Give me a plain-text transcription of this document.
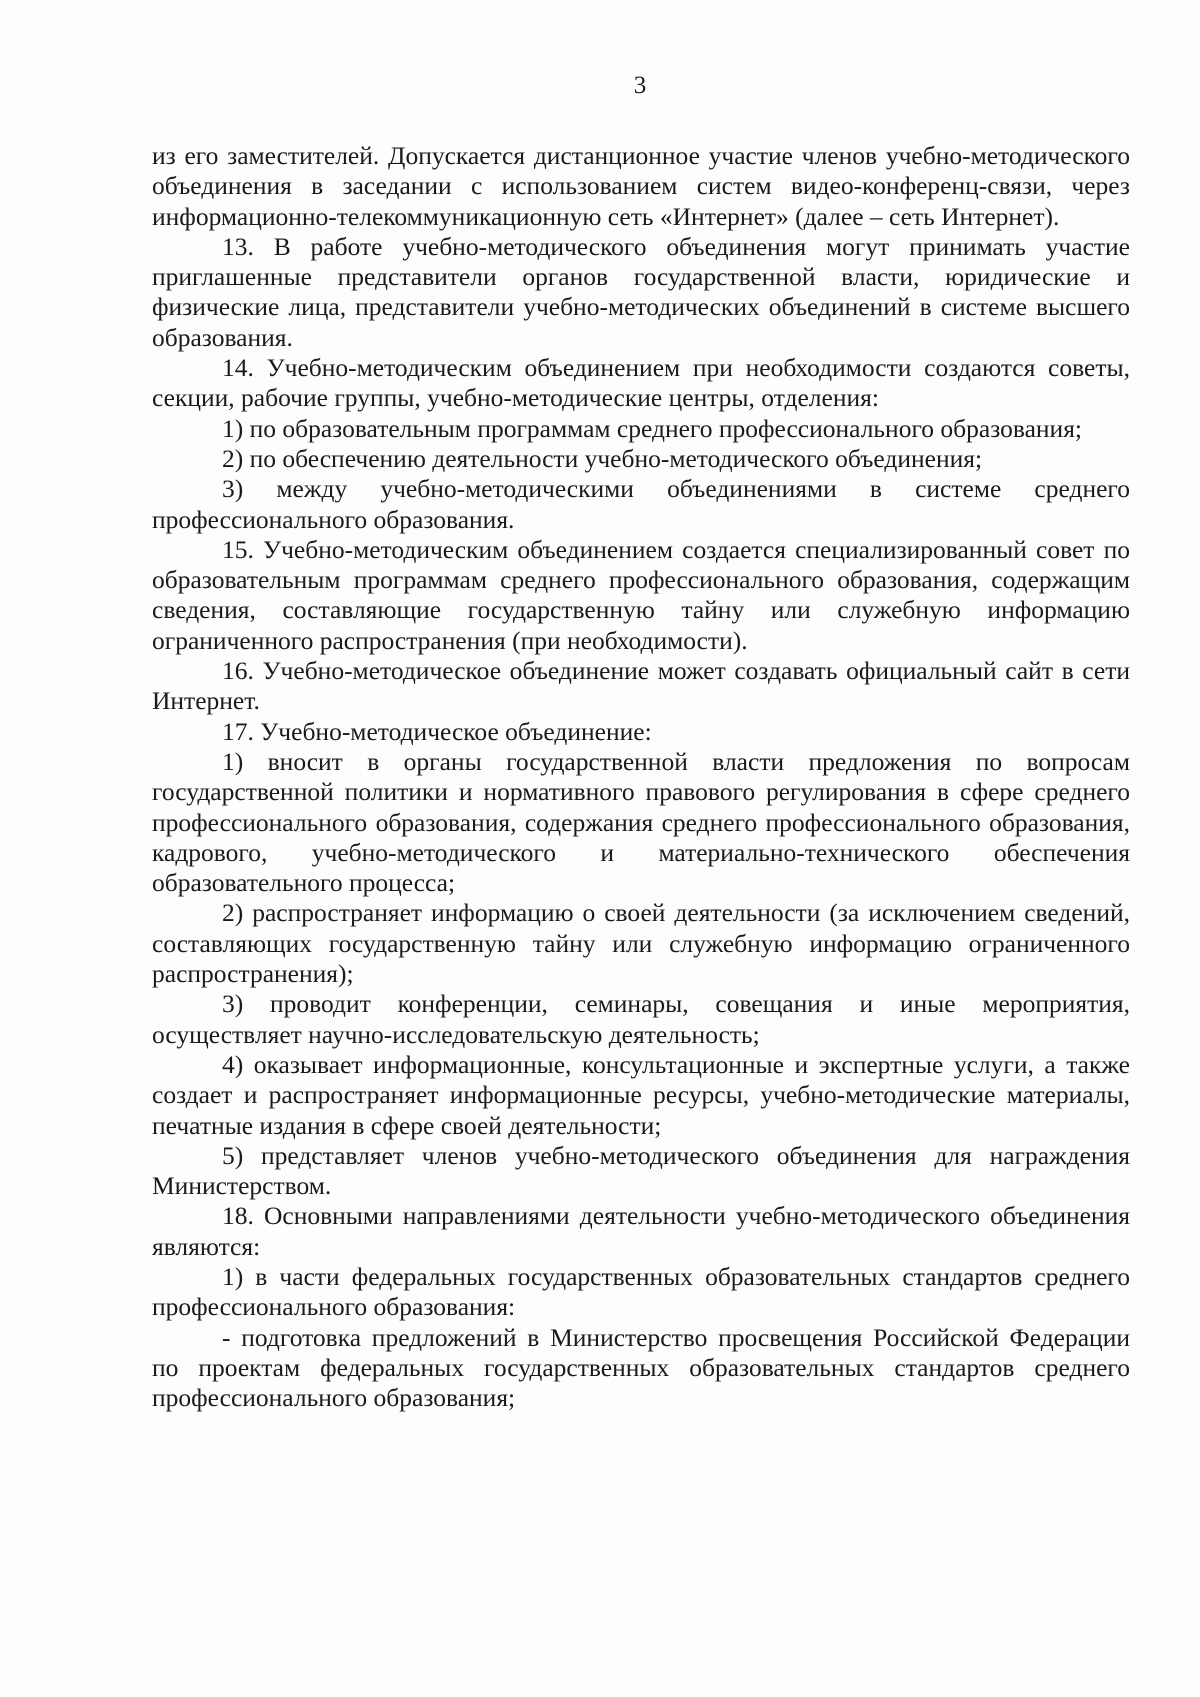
3

из его заместителей. Допускается дистанционное участие членов учебно-методического объединения в заседании с использованием систем видео-конференц-связи, через информационно-телекоммуникационную сеть «Интернет» (далее – сеть Интернет).

13. В работе учебно-методического объединения могут принимать участие приглашенные представители органов государственной власти, юридические и физические лица, представители учебно-методических объединений в системе высшего образования.

14. Учебно-методическим объединением при необходимости создаются советы, секции, рабочие группы, учебно-методические центры, отделения:

1) по образовательным программам среднего профессионального образования;

2) по обеспечению деятельности учебно-методического объединения;

3) между учебно-методическими объединениями в системе среднего профессионального образования.

15. Учебно-методическим объединением создается специализированный совет по образовательным программам среднего профессионального образования, содержащим сведения, составляющие государственную тайну или служебную информацию ограниченного распространения (при необходимости).

16. Учебно-методическое объединение может создавать официальный сайт в сети Интернет.

17. Учебно-методическое объединение:

1) вносит в органы государственной власти предложения по вопросам государственной политики и нормативного правового регулирования в сфере среднего профессионального образования, содержания среднего профессионального образования, кадрового, учебно-методического и материально-технического обеспечения образовательного процесса;

2) распространяет информацию о своей деятельности (за исключением сведений, составляющих государственную тайну или служебную информацию ограниченного распространения);

3) проводит конференции, семинары, совещания и иные мероприятия, осуществляет научно-исследовательскую деятельность;

4) оказывает информационные, консультационные и экспертные услуги, а также создает и распространяет информационные ресурсы, учебно-методические материалы, печатные издания в сфере своей деятельности;

5) представляет членов учебно-методического объединения для награждения Министерством.

18. Основными направлениями деятельности учебно-методического объединения являются:

1) в части федеральных государственных образовательных стандартов среднего профессионального образования:

- подготовка предложений в Министерство просвещения Российской Федерации по проектам федеральных государственных образовательных стандартов среднего профессионального образования;
